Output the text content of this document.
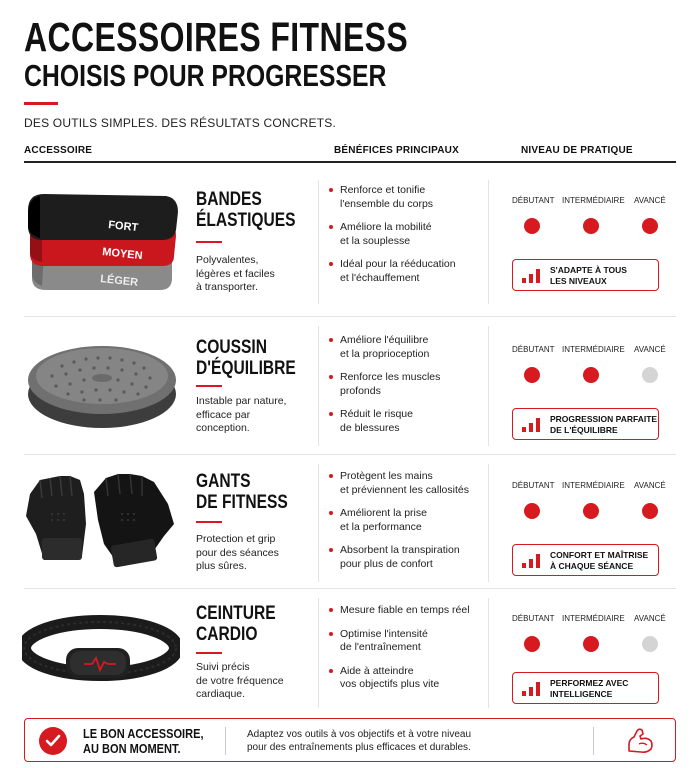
ACCESSOIRES FITNESS
CHOISIS POUR PROGRESSER
DES OUTILS SIMPLES. DES RÉSULTATS CONCRETS.
ACCESSOIRE	BÉNÉFICES PRINCIPAUX	NIVEAU DE PRATIQUE
FORT
MOYEN
LÉGER
BANDES
ÉLASTIQUES
Polyvalentes,
légères et faciles
à transporter.
Renforce et tonifie
l'ensemble du corps
Améliore la mobilité
et la souplesse
Idéal pour la rééducation
et l'échauffement
DÉBUTANT INTERMÉDIAIRE AVANCÉ
S'ADAPTE À TOUS
LES NIVEAUX
COUSSIN
D'ÉQUILIBRE
Instable par nature,
efficace par
conception.
Améliore l'équilibre
et la proprioception
Renforce les muscles
profonds
Réduit le risque
de blessures
DÉBUTANT INTERMÉDIAIRE AVANCÉ
PROGRESSION PARFAITE
DE L'ÉQUILIBRE
GANTS
DE FITNESS
Protection et grip
pour des séances
plus sûres.
Protègent les mains
et préviennent les callosités
Améliorent la prise
et la performance
Absorbent la transpiration
pour plus de confort
DÉBUTANT INTERMÉDIAIRE AVANCÉ
CONFORT ET MAÎTRISE
À CHAQUE SÉANCE
CEINTURE
CARDIO
Suivi précis
de votre fréquence
cardiaque.
Mesure fiable en temps réel
Optimise l'intensité
de l'entraînement
Aide à atteindre
vos objectifs plus vite
DÉBUTANT INTERMÉDIAIRE AVANCÉ
PERFORMEZ AVEC
INTELLIGENCE
LE BON ACCESSOIRE,
AU BON MOMENT.
Adaptez vos outils à vos objectifs et à votre niveau
pour des entraînements plus efficaces et durables.
